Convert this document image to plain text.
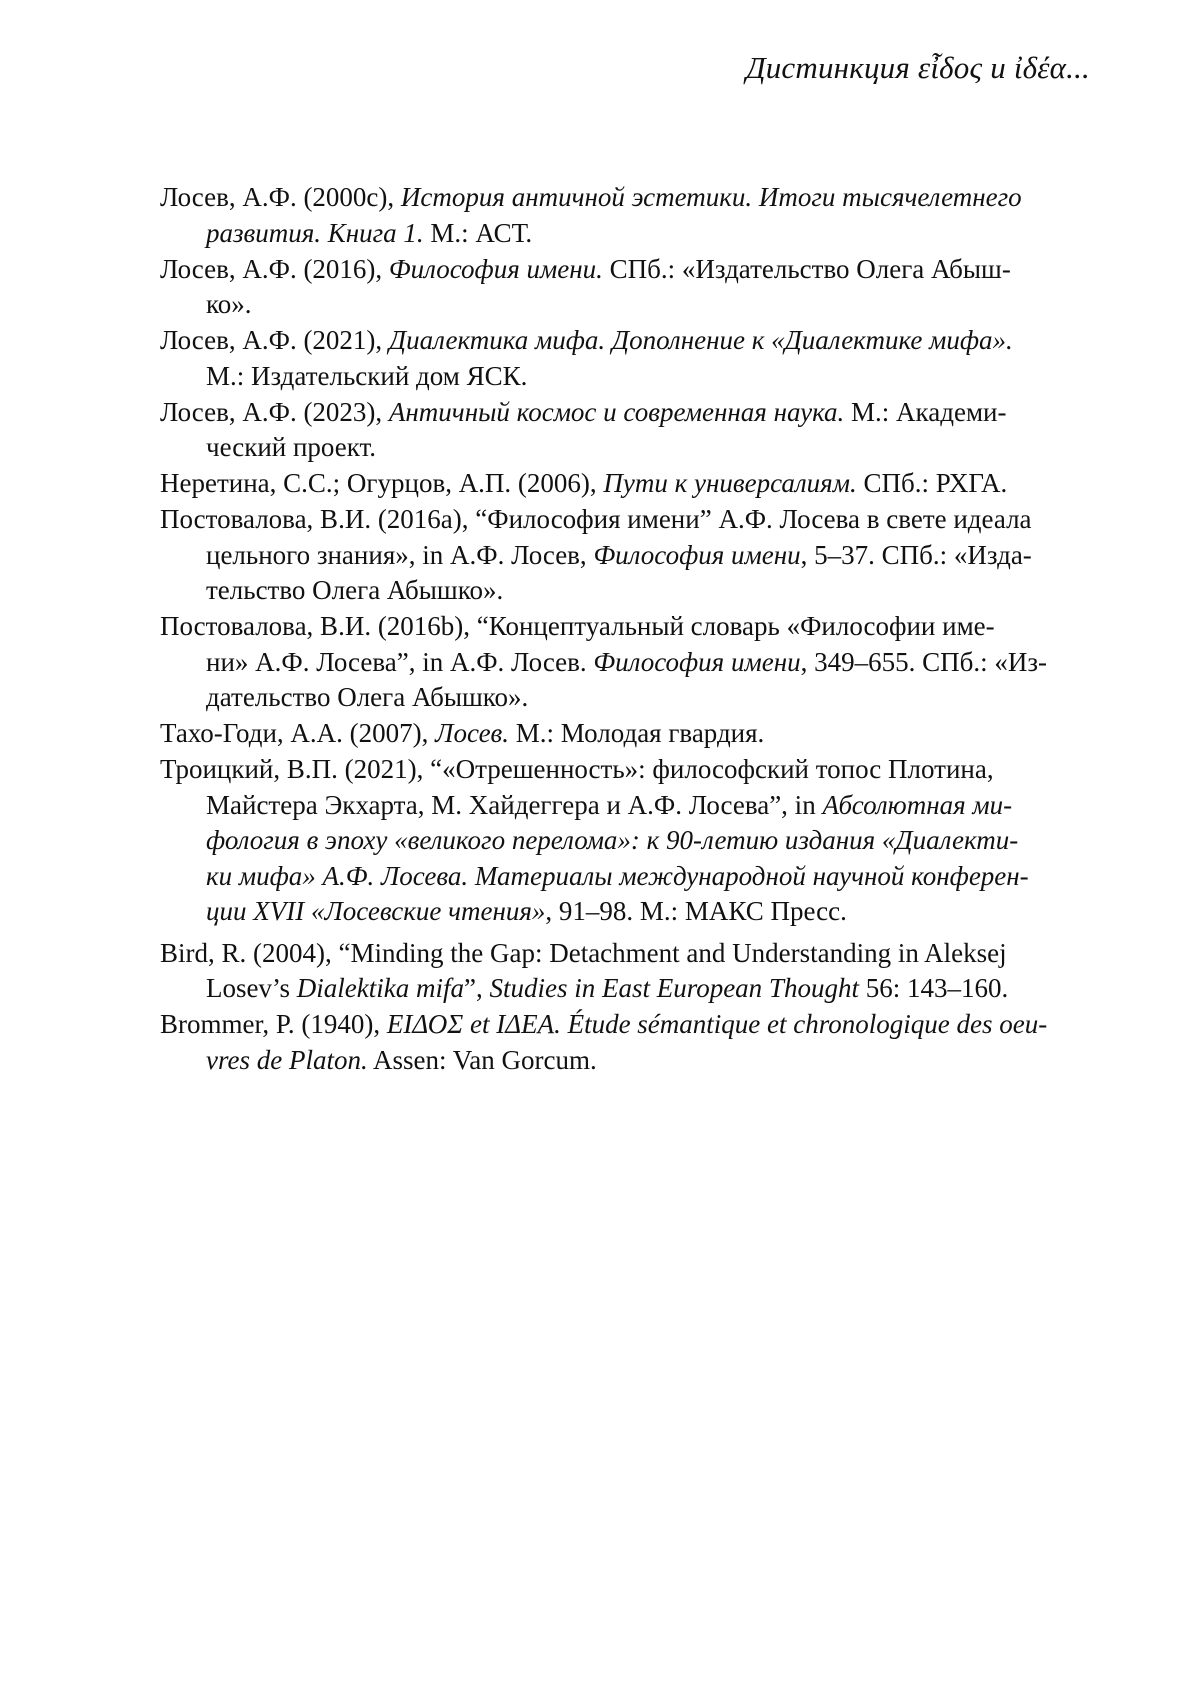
Дистинкция εἶδος и ἰδέα...
Лосев, А.Ф. (2000c), История античной эстетики. Итоги тысячелетнего
развития. Книга 1. М.: АСТ.
Лосев, А.Ф. (2016), Философия имени. СПб.: «Издательство Олега Абыш-
ко».
Лосев, А.Ф. (2021), Диалектика мифа. Дополнение к «Диалектике мифа».
М.: Издательский дом ЯСК.
Лосев, А.Ф. (2023), Античный космос и современная наука. М.: Академи-
ческий проект.
Неретина, С.С.; Огурцов, А.П. (2006), Пути к универсалиям. СПб.: РХГА.
Постовалова, В.И. (2016a), “Философия имени” А.Ф. Лосева в свете идеала
цельного знания», in А.Ф. Лосев, Философия имени, 5–37. СПб.: «Изда-
тельство Олега Абышко».
Постовалова, В.И. (2016b), “Концептуальный словарь «Философии име-
ни» А.Ф. Лосева”, in А.Ф. Лосев. Философия имени, 349–655. СПб.: «Из-
дательство Олега Абышко».
Тахо-Годи, А.А. (2007), Лосев. М.: Молодая гвардия.
Троицкий, В.П. (2021), “«Отрешенность»: философский топос Плотина,
Майстера Экхарта, М. Хайдеггера и А.Ф. Лосева”, in Абсолютная ми-
фология в эпоху «великого перелома»: к 90-летию издания «Диалекти-
ки мифа» А.Ф. Лосева. Материалы международной научной конферен-
ции XVII «Лосевские чтения», 91–98. М.: МАКС Пресс.
Bird, R. (2004), “Minding the Gap: Detachment and Understanding in Aleksej
Losev’s Dialektika mifa”, Studies in East European Thought 56: 143–160.
Brommer, P. (1940), ΕΙΔΟΣ et ΙΔΕΑ. Étude sémantique et chronologique des oeu-
vres de Platon. Assen: Van Gorcum.
